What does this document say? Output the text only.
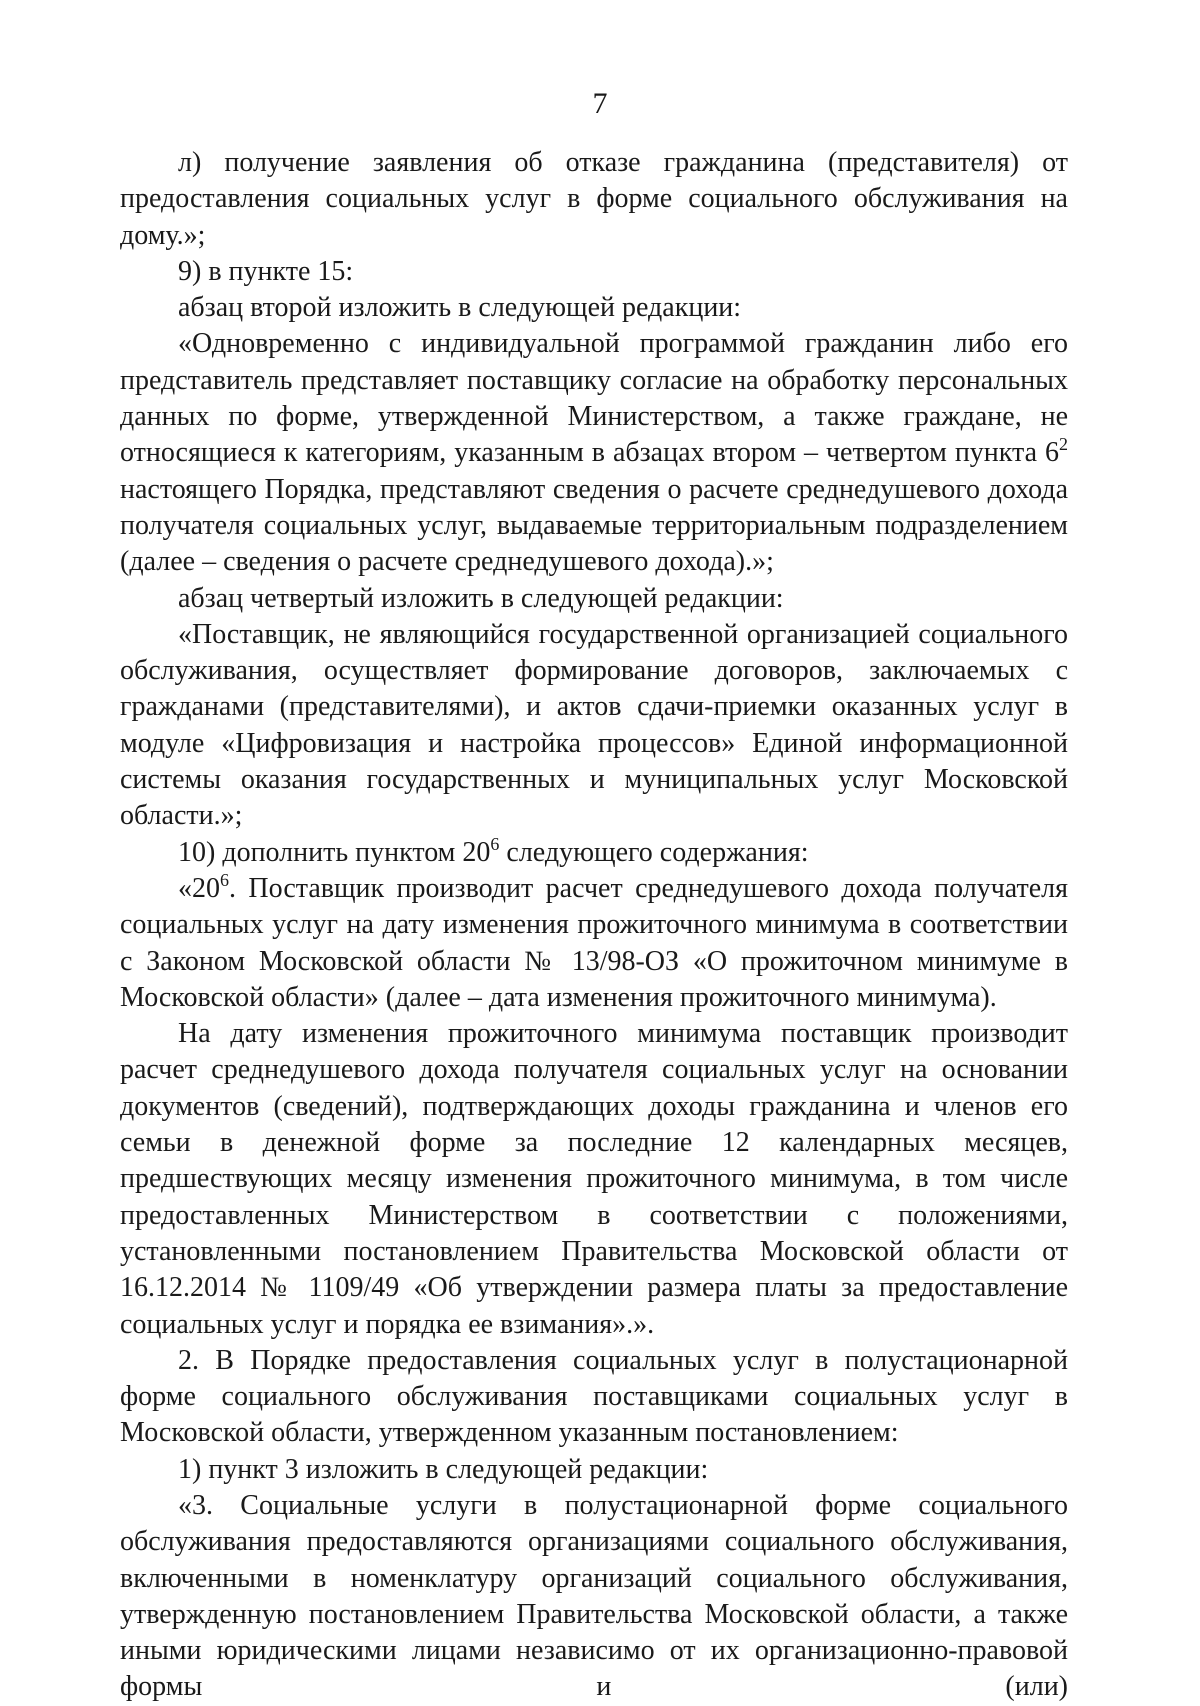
7

л) получение заявления об отказе гражданина (представителя) от предоставления социальных услуг в форме социального обслуживания на дому.»;

9) в пункте 15:

абзац второй изложить в следующей редакции:

«Одновременно с индивидуальной программой гражданин либо его представитель представляет поставщику согласие на обработку персональных данных по форме, утвержденной Министерством, а также граждане, не относящиеся к категориям, указанным в абзацах втором – четвертом пункта $6^2$ настоящего Порядка, представляют сведения о расчете среднедушевого дохода получателя социальных услуг, выдаваемые территориальным подразделением (далее – сведения о расчете среднедушевого дохода).»;

абзац четвертый изложить в следующей редакции:

«Поставщик, не являющийся государственной организацией социального обслуживания, осуществляет формирование договоров, заключаемых с гражданами (представителями), и актов сдачи-приемки оказанных услуг в модуле «Цифровизация и настройка процессов» Единой информационной системы оказания государственных и муниципальных услуг Московской области.»;

10) дополнить пунктом $20^6$ следующего содержания:

«$20^6$. Поставщик производит расчет среднедушевого дохода получателя социальных услуг на дату изменения прожиточного минимума в соответствии с Законом Московской области № 13/98-ОЗ «О прожиточном минимуме в Московской области» (далее – дата изменения прожиточного минимума).

На дату изменения прожиточного минимума поставщик производит расчет среднедушевого дохода получателя социальных услуг на основании документов (сведений), подтверждающих доходы гражданина и членов его семьи в денежной форме за последние 12 календарных месяцев, предшествующих месяцу изменения прожиточного минимума, в том числе предоставленных Министерством в соответствии с положениями, установленными постановлением Правительства Московской области от 16.12.2014 № 1109/49 «Об утверждении размера платы за предоставление социальных услуг и порядка ее взимания».».

2. В Порядке предоставления социальных услуг в полустационарной форме социального обслуживания поставщиками социальных услуг в Московской области, утвержденном указанным постановлением:

1) пункт 3 изложить в следующей редакции:

«3. Социальные услуги в полустационарной форме социального обслуживания предоставляются организациями социального обслуживания, включенными в номенклатуру организаций социального обслуживания, утвержденную постановлением Правительства Московской области, а также иными юридическими лицами независимо от их организационно-правовой формы и (или)
